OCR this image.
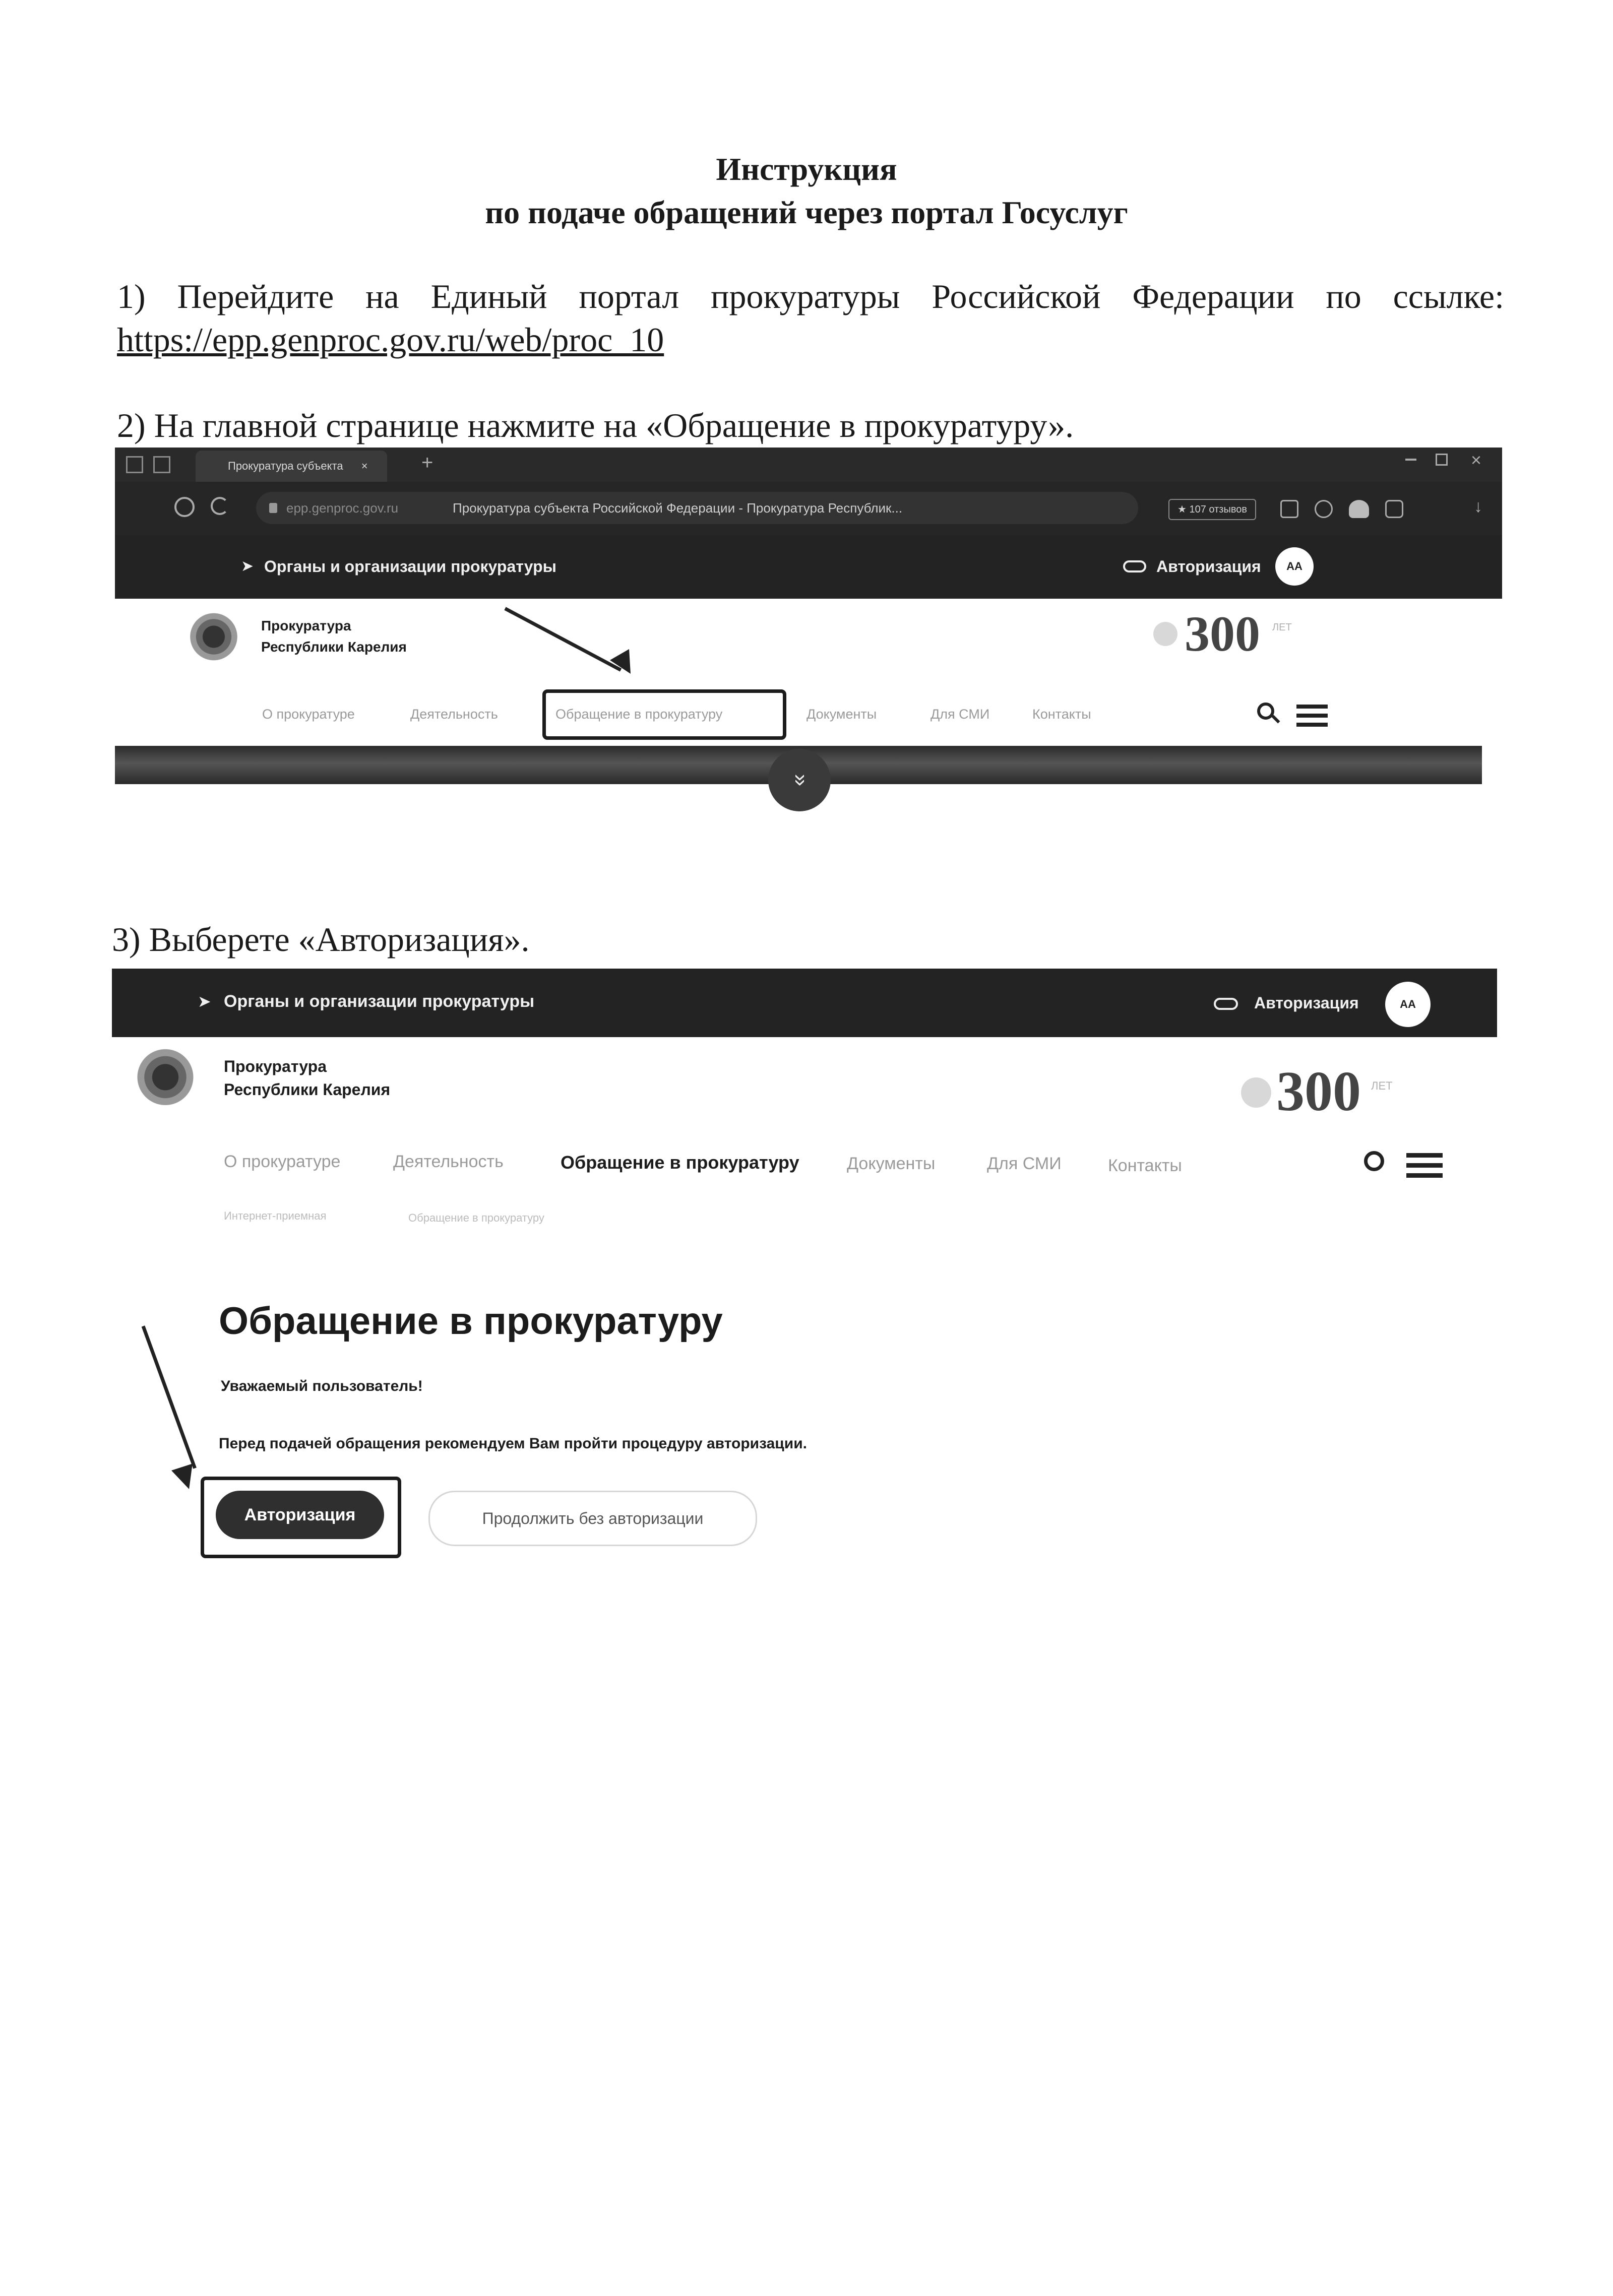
Инструкция
по подаче обращений через портал Госуслуг
1) Перейдите на Единый портал прокуратуры Российской Федерации по ссылке:
https://epp.genproc.gov.ru/web/proc_10
2) На главной странице нажмите на «Обращение в прокуратуру».
Прокуратура субъекта ×	+	×
epp.genproc.gov.ru	Прокуратура субъекта Российской Федерации - Прокуратура Республик...	★ 107 отзывов	↓
➤ Органы и организации прокуратуры	Авторизация	AA
Прокуратура
Республики Карелия	300 ЛЕТ
О прокуратуре	Деятельность	Обращение в прокуратуру	Документы	Для СМИ	Контакты
»
3) Выберете «Авторизация».
➤ Органы и организации прокуратуры	Авторизация	AA
Прокуратура
Республики Карелия	300 ЛЕТ
О прокуратуре	Деятельность	Обращение в прокуратуру	Документы	Для СМИ	Контакты
Интернет-приемная	Обращение в прокуратуру
Обращение в прокуратуру
Уважаемый пользователь!
Перед подачей обращения рекомендуем Вам пройти процедуру авторизации.
Авторизация	Продолжить без авторизации
